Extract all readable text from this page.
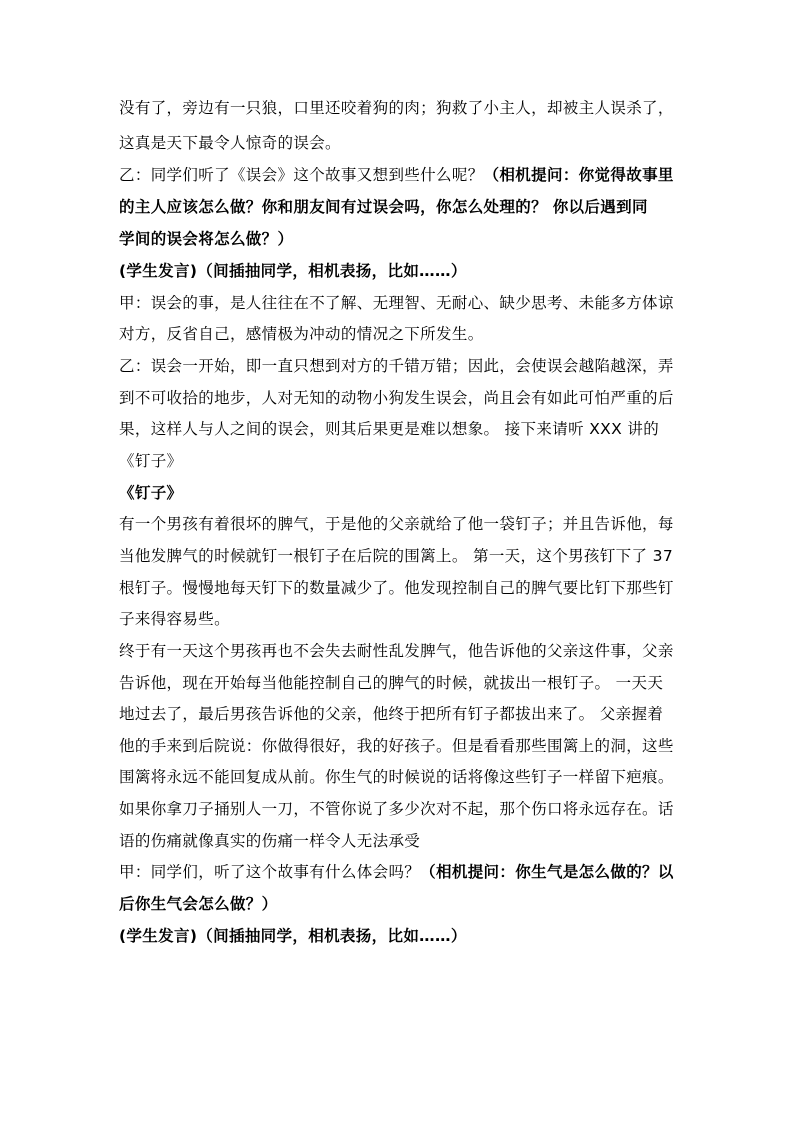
没有了，旁边有一只狼，口里还咬着狗的肉；狗救了小主人，却被主人误杀了，
这真是天下最令人惊奇的误会。
乙：同学们听了《误会》这个故事又想到些什么呢？（相机提问：你觉得故事里
的主人应该怎么做？你和朋友间有过误会吗，你怎么处理的？ 你以后遇到同
学间的误会将怎么做？）
(学生发言)（间插抽同学，相机表扬，比如……）
甲：误会的事，是人往往在不了解、无理智、无耐心、缺少思考、未能多方体谅
对方，反省自己，感情极为冲动的情况之下所发生。
乙：误会一开始，即一直只想到对方的千错万错；因此，会使误会越陷越深，弄
到不可收拾的地步，人对无知的动物小狗发生误会，尚且会有如此可怕严重的后
果，这样人与人之间的误会，则其后果更是难以想象。 接下来请听 XXX 讲的
《钉子》
《钉子》
有一个男孩有着很坏的脾气，于是他的父亲就给了他一袋钉子；并且告诉他，每
当他发脾气的时候就钉一根钉子在后院的围篱上。 第一天，这个男孩钉下了 37
根钉子。慢慢地每天钉下的数量减少了。他发现控制自己的脾气要比钉下那些钉
子来得容易些。
终于有一天这个男孩再也不会失去耐性乱发脾气，他告诉他的父亲这件事，父亲
告诉他，现在开始每当他能控制自己的脾气的时候，就拔出一根钉子。 一天天
地过去了，最后男孩告诉他的父亲，他终于把所有钉子都拔出来了。 父亲握着
他的手来到后院说：你做得很好，我的好孩子。但是看看那些围篱上的洞，这些
围篱将永远不能回复成从前。你生气的时候说的话将像这些钉子一样留下疤痕。
如果你拿刀子捅别人一刀，不管你说了多少次对不起，那个伤口将永远存在。话
语的伤痛就像真实的伤痛一样令人无法承受
甲：同学们，听了这个故事有什么体会吗？（相机提问：你生气是怎么做的？以
后你生气会怎么做？）
(学生发言)（间插抽同学，相机表扬，比如……）
